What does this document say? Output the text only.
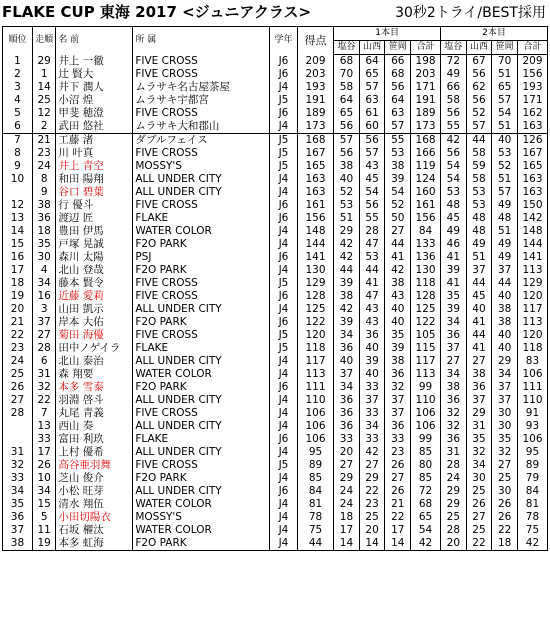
FLAKE CUP 東海 2017 <ジュニアクラス>	30秒2トライ/BEST採用
順位	走順	名 前	所 属	学年	得点	1本目				2本目			
						塩谷	山西	笹岡	合計	塩谷	山西	笹岡	合計
1	29	井上 一徹	FIVE CROSS	J6	209	68	64	66	198	72	67	70	209
2	1	辻 賢大	FIVE CROSS	J6	203	70	65	68	203	49	56	51	156
3	14	井下 潤人	ムラサキ名古屋茶屋	J4	193	58	57	56	171	66	62	65	193
4	25	小沼 煌	ムラサキ宇都宮	J5	191	64	63	64	191	58	56	57	171
5	12	甲斐 穂澄	FIVE CROSS	J6	189	65	61	63	189	56	52	54	162
6	2	武田 悠社	ムラサキ大和郡山	J4	173	56	60	57	173	55	57	51	163
7	21	工藤 渚	ダブルフェイス	J5	168	57	56	55	168	42	44	40	126
8	23	川 叶真	FIVE CROSS	J5	167	56	57	53	166	56	58	53	167
9	24	井上 青空	MOSSY'S	J5	165	38	43	38	119	54	59	52	165
10	8	和田 陽翔	ALL UNDER CITY	J4	163	40	45	39	124	54	58	51	163
	9	谷口 碧葉	ALL UNDER CITY	J4	163	52	54	54	160	53	53	57	163
12	38	行 優斗	FIVE CROSS	J6	161	53	56	52	161	48	53	49	150
13	36	渡辺 匠	FLAKE	J6	156	51	55	50	156	45	48	48	142
14	18	豊田 伊馬	WATER COLOR	J4	148	29	28	27	84	49	48	51	148
15	35	戸塚 晃誠	F2O PARK	J4	144	42	47	44	133	46	49	49	144
16	30	森川 太陽	PSJ	J6	141	42	53	41	136	41	51	49	141
17	4	北山 登哉	F2O PARK	J4	130	44	44	42	130	39	37	37	113
18	34	藤本 賢令	FIVE CROSS	J5	129	39	41	38	118	41	44	44	129
19	16	近藤 愛莉	FIVE CROSS	J6	128	38	47	43	128	35	45	40	120
20	3	山田 凱示	ALL UNDER CITY	J4	125	42	43	40	125	39	40	38	117
21	37	岸本 大佑	F2O PARK	J6	122	39	43	40	122	34	41	38	113
22	27	菊田 海優	FIVE CROSS	J5	120	34	36	35	105	36	44	40	120
23	28	田中ノゲイラ	FLAKE	J5	118	36	40	39	115	37	41	40	118
24	6	北山 泰治	ALL UNDER CITY	J4	117	40	39	38	117	27	27	29	83
25	31	森 翔要	WATER COLOR	J4	113	37	40	36	113	34	38	34	106
26	32	本多 雪泰	F2O PARK	J6	111	34	33	32	99	38	36	37	111
27	22	羽淵 啓斗	ALL UNDER CITY	J4	110	36	37	37	110	36	37	37	110
28	7	丸尾 青義	FIVE CROSS	J4	106	36	33	37	106	32	29	30	91
	13	西山 奏	ALL UNDER CITY	J4	106	36	34	36	106	32	31	30	93
	33	富田 利玖	FLAKE	J6	106	33	33	33	99	36	35	35	106
31	17	上村 優希	ALL UNDER CITY	J4	95	20	42	23	85	31	32	32	95
32	26	高谷亜羽舞	FIVE CROSS	J5	89	27	27	26	80	28	34	27	89
33	10	芝山 俊介	F2O PARK	J4	85	29	29	27	85	24	30	25	79
34	34	小松 旺芽	ALL UNDER CITY	J6	84	24	22	26	72	29	25	30	84
35	15	清水 翔伍	WATER COLOR	J4	81	24	23	21	68	29	26	26	81
36	5	小田切陽衣	MOSSY'S	J4	78	18	25	22	65	25	27	26	78
37	11	石坂 櫂汰	WATER COLOR	J4	75	17	20	17	54	28	25	22	75
38	19	本多 虹海	F2O PARK	J4	44	14	14	14	42	20	22	18	42
